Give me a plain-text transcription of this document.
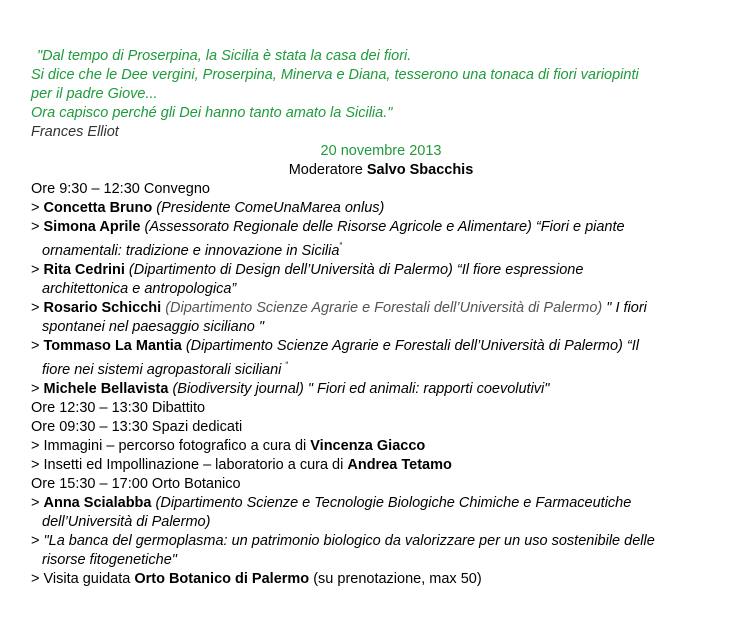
"Dal tempo di Proserpina, la Sicilia è stata la casa dei fiori.
Si dice che le Dee vergini, Proserpina, Minerva e Diana, tesserono una tonaca di fiori variopinti
per il padre Giove...
Ora capisco perché gli Dei hanno tanto amato la Sicilia."
Frances Elliot
20 novembre 2013
Moderatore Salvo Sbacchis
Ore 9:30 – 12:30 Convegno
> Concetta Bruno (Presidente ComeUnaMarea onlus)
> Simona Aprile (Assessorato Regionale delle Risorse Agricole e Alimentare) “Fiori e piante
ornamentali: tradizione e innovazione in Sicilia”
> Rita Cedrini (Dipartimento di Design dell’Università di Palermo) “Il fiore espressione
architettonica e antropologica”
> Rosario Schicchi (Dipartimento Scienze Agrarie e Forestali dell’Università di Palermo) " I fiori
spontanei nel paesaggio siciliano "
> Tommaso La Mantia (Dipartimento Scienze Agrarie e Forestali dell’Università di Palermo) “Il
fiore nei sistemi agropastorali siciliani “
> Michele Bellavista (Biodiversity journal) " Fiori ed animali: rapporti coevolutivi"
Ore 12:30 – 13:30 Dibattito
Ore 09:30 – 13:30 Spazi dedicati
> Immagini – percorso fotografico a cura di Vincenza Giacco
> Insetti ed Impollinazione – laboratorio a cura di Andrea Tetamo
Ore 15:30 – 17:00 Orto Botanico
> Anna Scialabba (Dipartimento Scienze e Tecnologie Biologiche Chimiche e Farmaceutiche
dell’Università di Palermo)
> "La banca del germoplasma: un patrimonio biologico da valorizzare per un uso sostenibile delle
risorse fitogenetiche"
> Visita guidata Orto Botanico di Palermo (su prenotazione, max 50)
